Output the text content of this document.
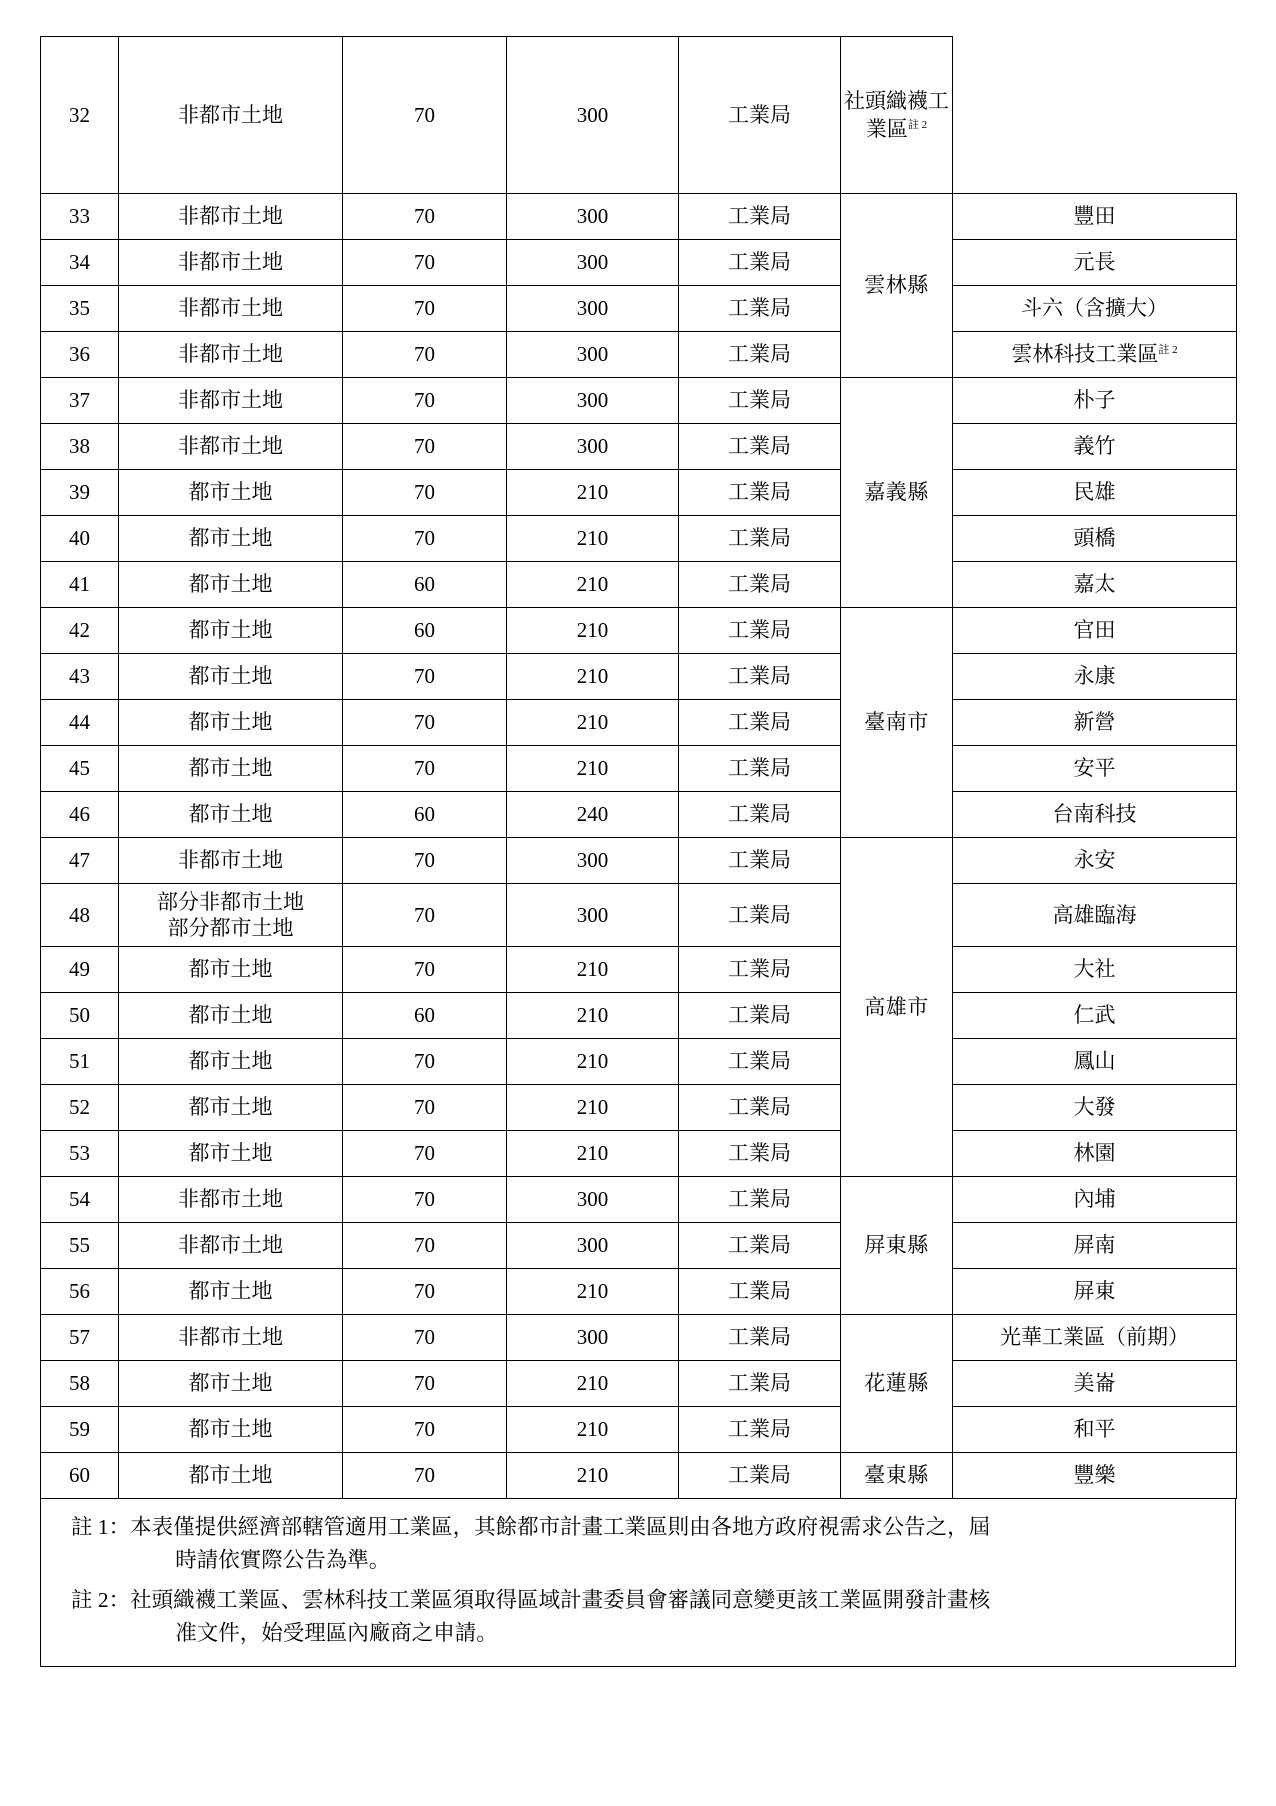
32	非都市土地	70	300	工業局	社頭織襪工業區$^{註 2}$
33	非都市土地	70	300	工業局	雲林縣	豐田
34	非都市土地	70	300	工業局		元長
35	非都市土地	70	300	工業局		斗六（含擴大）
36	非都市土地	70	300	工業局		雲林科技工業區$^{註 2}$
37	非都市土地	70	300	工業局	嘉義縣	朴子
38	非都市土地	70	300	工業局		義竹
39	都市土地	70	210	工業局		民雄
40	都市土地	70	210	工業局		頭橋
41	都市土地	60	210	工業局		嘉太
42	都市土地	60	210	工業局	臺南市	官田
43	都市土地	70	210	工業局		永康
44	都市土地	70	210	工業局		新營
45	都市土地	70	210	工業局		安平
46	都市土地	60	240	工業局		台南科技
47	非都市土地	70	300	工業局	高雄市	永安
48	部分非都市土地
部分都市土地	70	300	工業局		高雄臨海
49	都市土地	70	210	工業局		大社
50	都市土地	60	210	工業局		仁武
51	都市土地	70	210	工業局		鳳山
52	都市土地	70	210	工業局		大發
53	都市土地	70	210	工業局		林園
54	非都市土地	70	300	工業局	屏東縣	內埔
55	非都市土地	70	300	工業局		屏南
56	都市土地	70	210	工業局		屏東
57	非都市土地	70	300	工業局	花蓮縣	光華工業區（前期）
58	都市土地	70	210	工業局		美崙
59	都市土地	70	210	工業局		和平
60	都市土地	70	210	工業局	臺東縣	豐樂
註 1： 本表僅提供經濟部轄管適用工業區，其餘都市計畫工業區則由各地方政府視需求公告之，屆
時請依實際公告為準。
註 2： 社頭織襪工業區、雲林科技工業區須取得區域計畫委員會審議同意變更該工業區開發計畫核
准文件，始受理區內廠商之申請。
